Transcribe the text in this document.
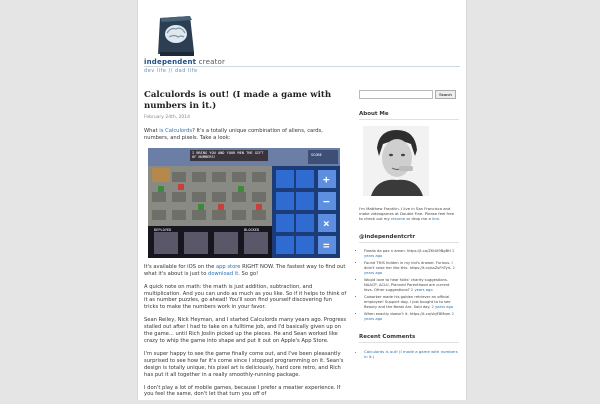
independent creator
dev life // dad life
Calculords is out! (I made a game with numbers in it.)
February 24th, 2014

What is Calculords? It's a totally unique combination of aliens, cards, numbers, and pixels. Take a look:

+
−
×
=
I BRING YOU AND YOUR MEN THE GIFT OF NUMBERS!
SCORE
DEPLOYED	BLOCKED

It's available for iOS on the app store RIGHT NOW. The fastest way to find out what it's about is just to download it. So go!

A quick note on math: the math is just addition, subtraction, and multiplication. And you can undo as much as you like. So if it helps to think of it as number puzzles, go ahead! You'll soon find yourself discovering fun tricks to make the numbers work in your favor.

Sean Reiley, Nick Heyman, and I started Calculords many years ago. Progress stalled out after I had to take on a fulltime job, and I'd basically given up on the game... until Rich Joslin picked up the pieces. He and Sean worked like crazy to whip the game into shape and put it out on Apple's App Store.

I'm super happy to see the game finally come out, and I've been pleasantly surprised to see how far it's come since I stopped programming on it. Sean's design is totally unique, his pixel art is deliciously, hard core retro, and Rich has put it all together in a really smoothly-running package.

I don't play a lot of mobile games, because I prefer a meatier experience. If you feel the same, don't let that turn you off of

Search
About Me
I'm Matthew Franklin. I live in San Francisco and make videogames at Double Fine. Please feel free to check out my resume or drop me a line.
@independentcrtr
• Fixeda da pax n aman. https://t.co/ZKtIX9BgBH 2 years ago
• Found THIS hidden in my kid's drawer. Furious. I didn't raise her like this. https://t.co/ssZsFhTyrL 2 years ago
• Would love to hear folks' charity suggestions. NAACP, ACLU, Planned Parenthood are current favs. Other suggestions? 2 years ago
• Coworker made his golden retriever an official employee! Support dog. I just bought to to see Beauty and the Beast Are. Sold day. 2 years ago
• When exactly doesn't it. https://t.co/vbjF8Mqm 2 years ago
Recent Comments
• Calculords is out! (I made a game with numbers in it.)
